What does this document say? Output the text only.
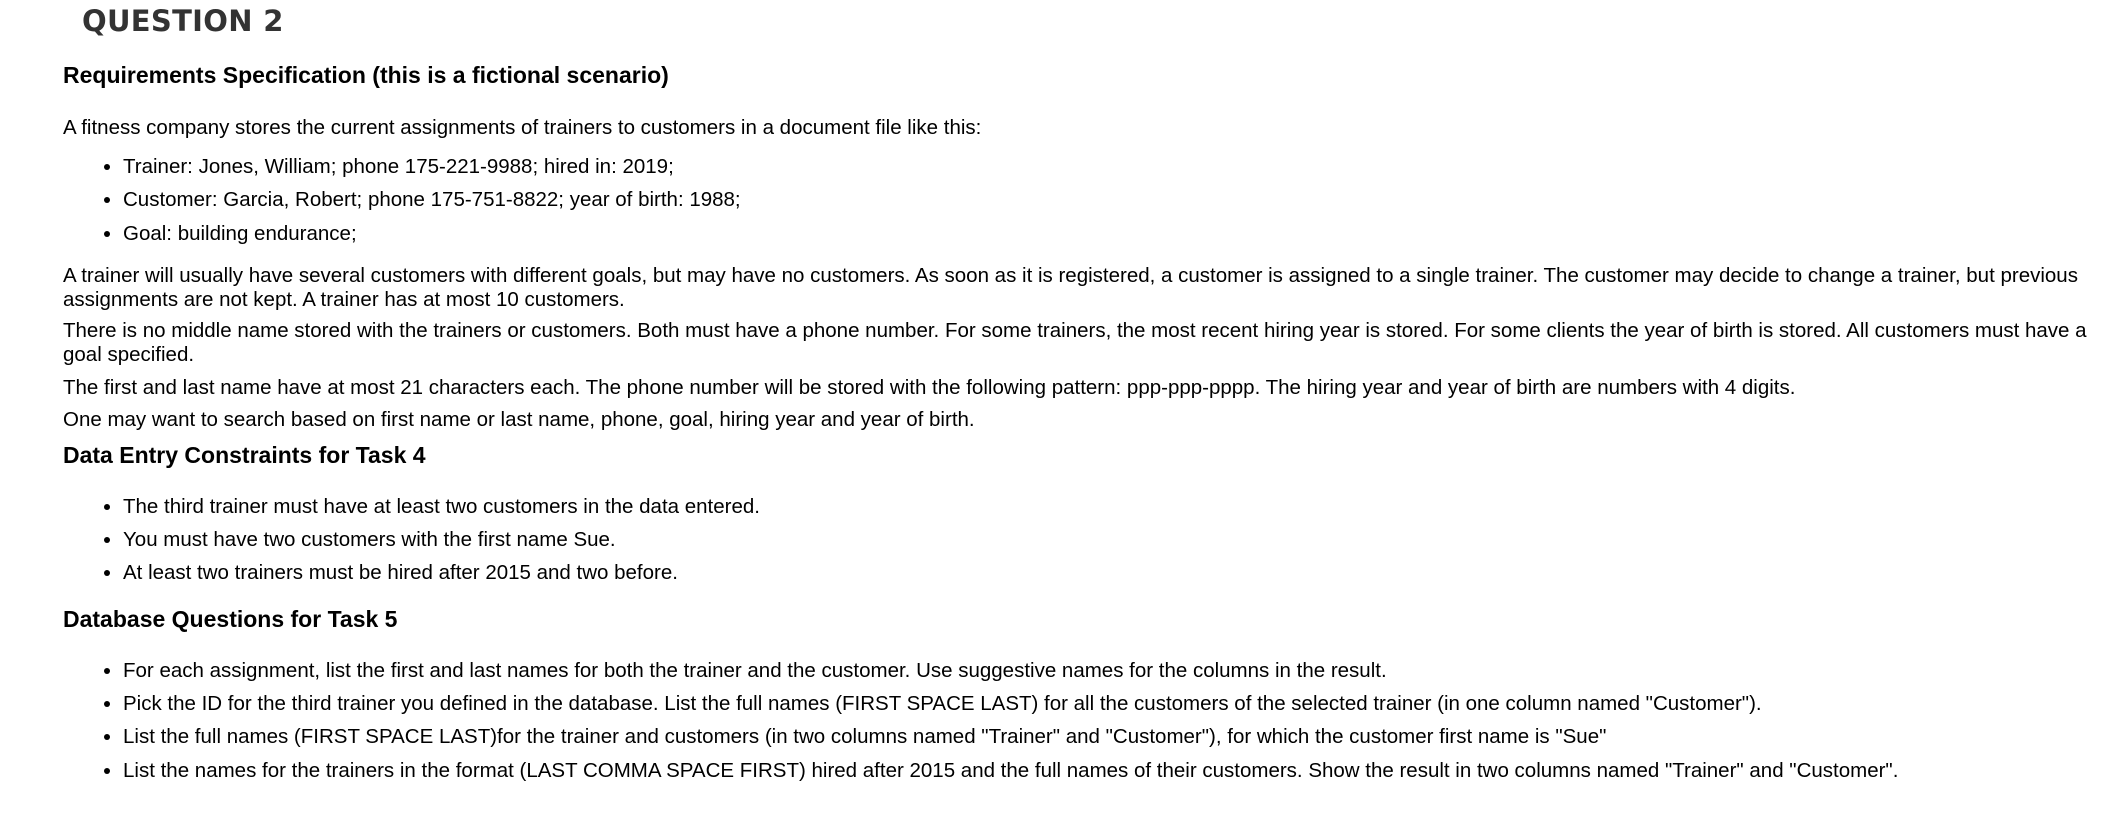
QUESTION 2
Requirements Specification (this is a fictional scenario)

A fitness company stores the current assignments of trainers to customers in a document file like this:

• Trainer: Jones, William; phone 175-221-9988; hired in: 2019;
• Customer: Garcia, Robert; phone 175-751-8822; year of birth: 1988;
• Goal: building endurance;

A trainer will usually have several customers with different goals, but may have no customers. As soon as it is registered, a customer is assigned to a single trainer. The customer may decide to change a trainer, but previous assignments are not kept. A trainer has at most 10 customers.

There is no middle name stored with the trainers or customers. Both must have a phone number. For some trainers, the most recent hiring year is stored. For some clients the year of birth is stored. All customers must have a goal specified.

The first and last name have at most 21 characters each. The phone number will be stored with the following pattern: ppp-ppp-pppp. The hiring year and year of birth are numbers with 4 digits.

One may want to search based on first name or last name, phone, goal, hiring year and year of birth.

Data Entry Constraints for Task 4
• The third trainer must have at least two customers in the data entered.
• You must have two customers with the first name Sue.
• At least two trainers must be hired after 2015 and two before.
Database Questions for Task 5
• For each assignment, list the first and last names for both the trainer and the customer. Use suggestive names for the columns in the result.
• Pick the ID for the third trainer you defined in the database. List the full names (FIRST SPACE LAST) for all the customers of the selected trainer (in one column named "Customer").
• List the full names (FIRST SPACE LAST)for the trainer and customers (in two columns named "Trainer" and "Customer"), for which the customer first name is "Sue"
• List the names for the trainers in the format (LAST COMMA SPACE FIRST) hired after 2015 and the full names of their customers. Show the result in two columns named "Trainer" and "Customer".
